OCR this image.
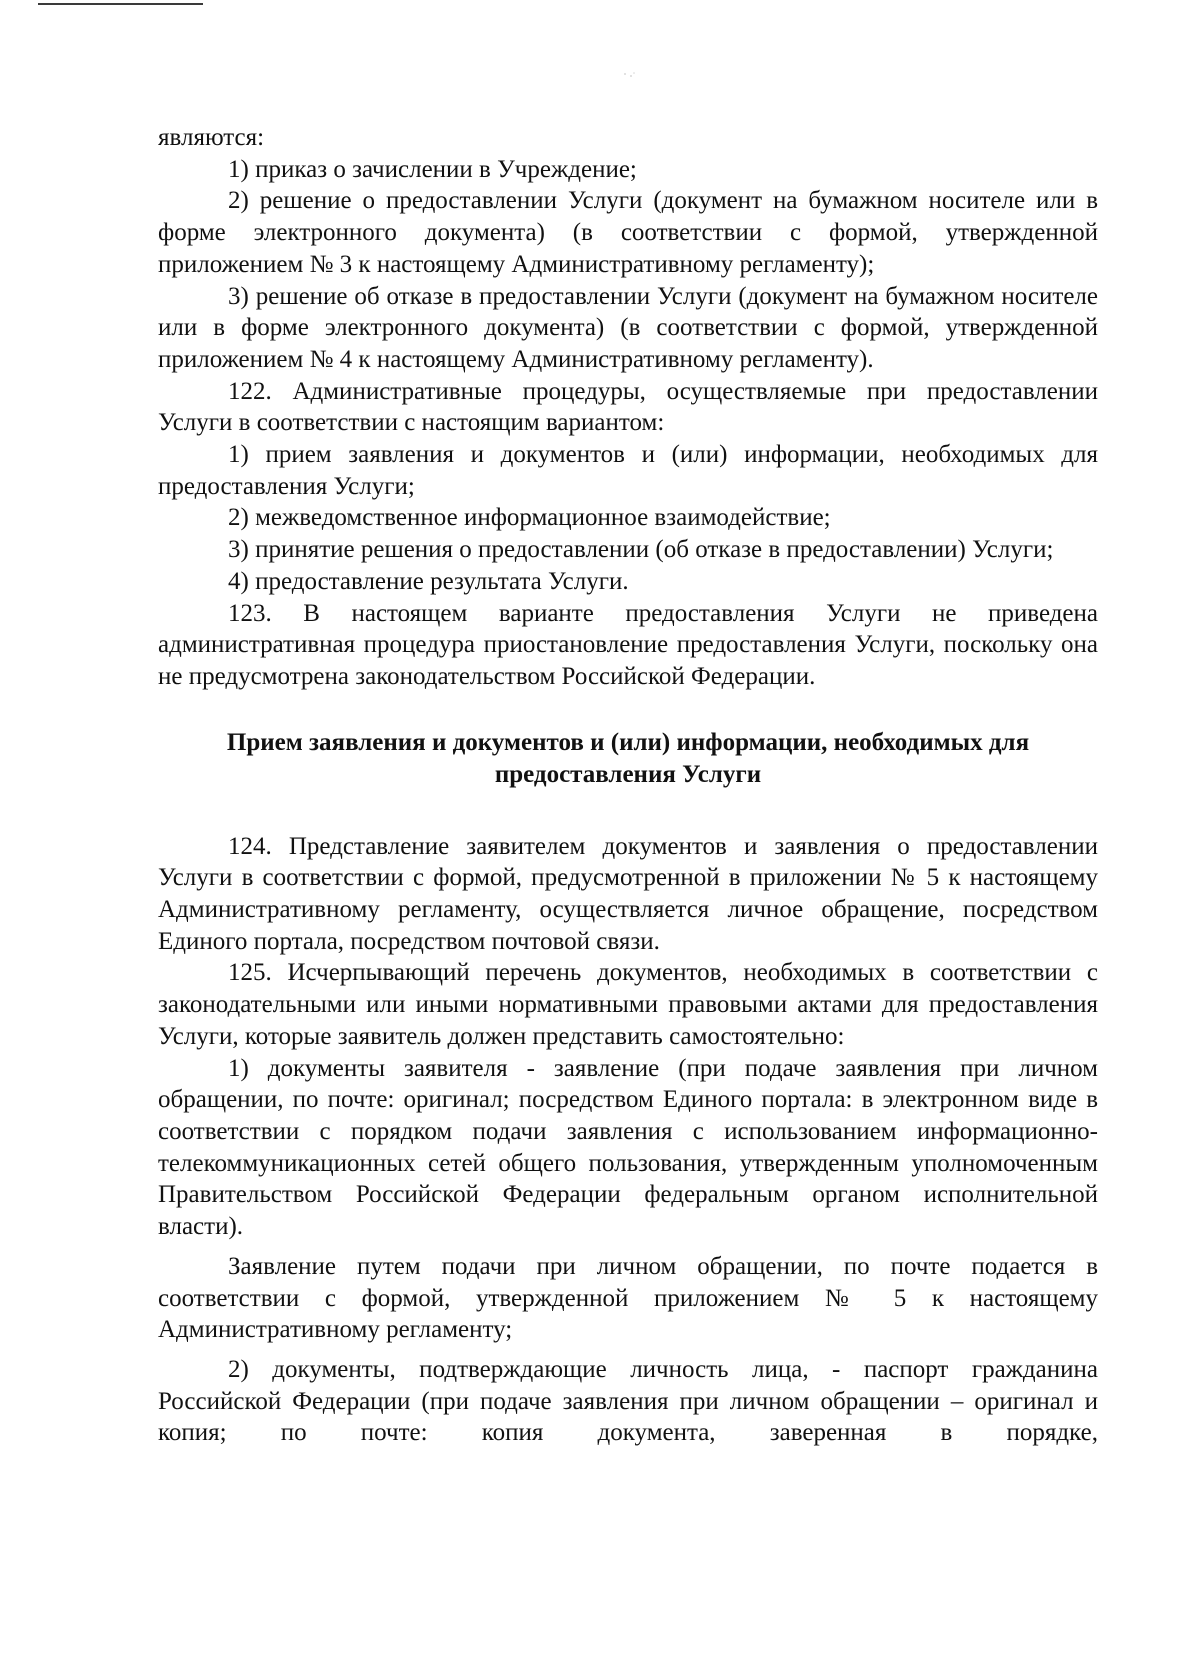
являются:

1) приказ о зачислении в Учреждение;

2) решение о предоставлении Услуги (документ на бумажном носителе или в форме электронного документа) (в соответствии с формой, утвержденной приложением № 3 к настоящему Административному регламенту);

3) решение об отказе в предоставлении Услуги (документ на бумажном носителе или в форме электронного документа) (в соответствии с формой, утвержденной приложением № 4 к настоящему Административному регламенту).

122. Административные процедуры, осуществляемые при предоставлении Услуги в соответствии с настоящим вариантом:

1) прием заявления и документов и (или) информации, необходимых для предоставления Услуги;

2) межведомственное информационное взаимодействие;

3) принятие решения о предоставлении (об отказе в предоставлении) Услуги;

4) предоставление результата Услуги.

123. В настоящем варианте предоставления Услуги не приведена административная процедура приостановление предоставления Услуги, поскольку она не предусмотрена законодательством Российской Федерации.

Прием заявления и документов и (или) информации, необходимых для предоставления Услуги

124. Представление заявителем документов и заявления о предоставлении Услуги в соответствии с формой, предусмотренной в приложении № 5 к настоящему Административному регламенту, осуществляется личное обращение, посредством Единого портала, посредством почтовой связи.

125. Исчерпывающий перечень документов, необходимых в соответствии с законодательными или иными нормативными правовыми актами для предоставления Услуги, которые заявитель должен представить самостоятельно:

1) документы заявителя - заявление (при подаче заявления при личном обращении, по почте: оригинал; посредством Единого портала: в электронном виде в соответствии с порядком подачи заявления с использованием информационно-телекоммуникационных сетей общего пользования, утвержденным уполномоченным Правительством Российской Федерации федеральным органом исполнительной власти).

Заявление путем подачи при личном обращении, по почте подается в соответствии с формой, утвержденной приложением № 5 к настоящему Административному регламенту;

2) документы, подтверждающие личность лица, - паспорт гражданина Российской Федерации (при подаче заявления при личном обращении – оригинал и копия; по почте: копия документа, заверенная в порядке,
